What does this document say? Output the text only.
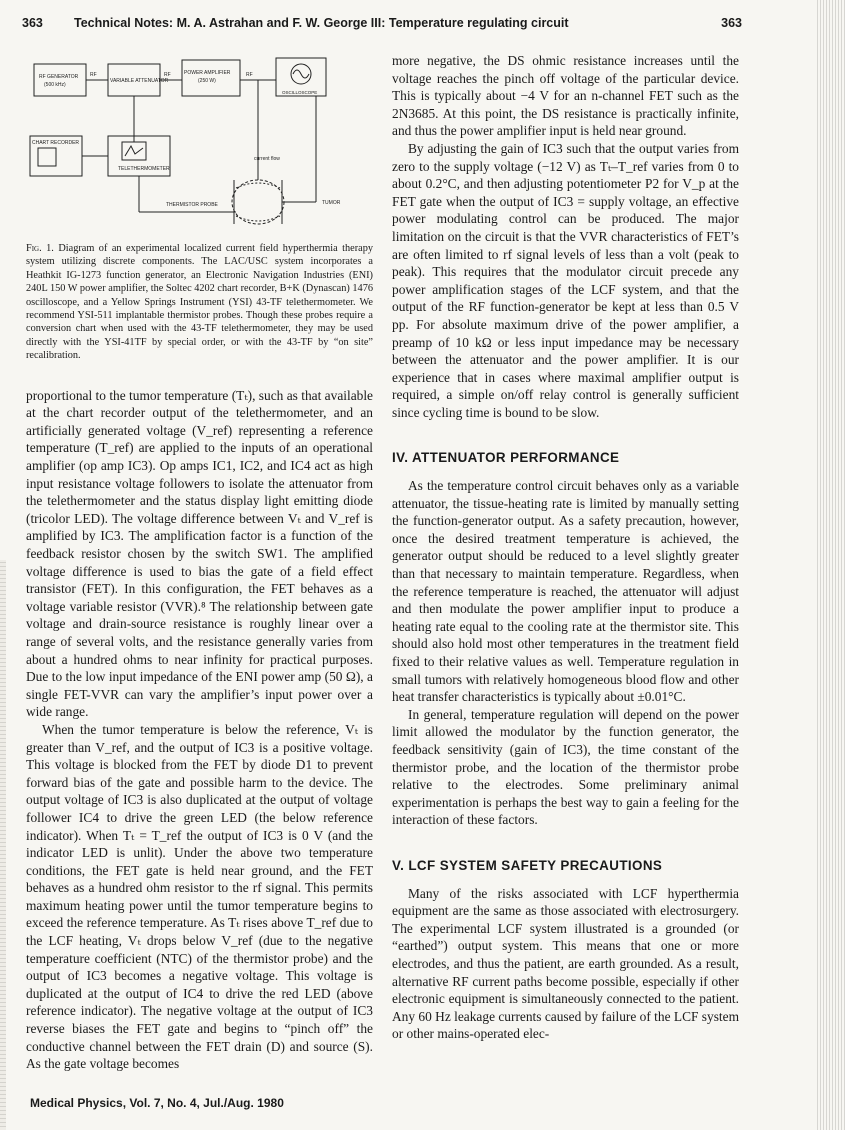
363 Technical Notes: M. A. Astrahan and F. W. George III: Temperature regulating circuit	363
RF GENERATOR
(500 kHz)
VARIABLE ATTENUATOR
POWER AMPLIFIER
(250 W)
OSCILLOSCOPE
CHART RECORDER
TELETHERMOMETER
current flow
THERMISTOR PROBE	TUMOR
RF	RF	RF
Fig. 1. Diagram of an experimental localized current field hyperthermia therapy system utilizing discrete components. The LAC/USC system incorporates a Heathkit IG-1273 function generator, an Electronic Navigation Industries (ENI) 240L 150 W power amplifier, the Soltec 4202 chart recorder, B+K (Dynascan) 1476 oscilloscope, and a Yellow Springs Instrument (YSI) 43-TF telethermometer. We recommend YSI-511 implantable thermistor probes. Though these probes require a conversion chart when used with the 43-TF telethermometer, they may be used directly with the YSI-41TF by special order, or with the 43-TF by “on site” recalibration.

proportional to the tumor temperature (Tₜ), such as that available at the chart recorder output of the telethermometer, and an artificially generated voltage (V_ref) representing a reference temperature (T_ref) are applied to the inputs of an operational amplifier (op amp IC3). Op amps IC1, IC2, and IC4 act as high input resistance voltage followers to isolate the attenuator from the telethermometer and the status display light emitting diode (tricolor LED). The voltage difference between Vₜ and V_ref is amplified by IC3. The amplification factor is a function of the feedback resistor chosen by the switch SW1. The amplified voltage difference is used to bias the gate of a field effect transistor (FET). In this configuration, the FET behaves as a voltage variable resistor (VVR).⁸ The relationship between gate voltage and drain-source resistance is roughly linear over a range of several volts, and the resistance generally varies from about a hundred ohms to near infinity for practical purposes. Due to the low input impedance of the ENI power amp (50 Ω), a single FET-VVR can vary the amplifier’s input power over a wide range.

When the tumor temperature is below the reference, Vₜ is greater than V_ref, and the output of IC3 is a positive voltage. This voltage is blocked from the FET by diode D1 to prevent forward bias of the gate and possible harm to the device. The output voltage of IC3 is also duplicated at the output of voltage follower IC4 to drive the green LED (the below reference indicator). When Tₜ = T_ref the output of IC3 is 0 V (and the indicator LED is unlit). Under the above two temperature conditions, the FET gate is held near ground, and the FET behaves as a hundred ohm resistor to the rf signal. This permits maximum heating power until the tumor temperature begins to exceed the reference temperature. As Tₜ rises above T_ref due to the LCF heating, Vₜ drops below V_ref (due to the negative temperature coefficient (NTC) of the thermistor probe) and the output of IC3 becomes a negative voltage. This voltage is duplicated at the output of IC4 to drive the red LED (above reference indicator). The negative voltage at the output of IC3 reverse biases the FET gate and begins to “pinch off” the conductive channel between the FET drain (D) and source (S). As the gate voltage becomes

more negative, the DS ohmic resistance increases until the voltage reaches the pinch off voltage of the particular device. This is typically about −4 V for an n-channel FET such as the 2N3685. At this point, the DS resistance is practically infinite, and thus the power amplifier input is held near ground.

By adjusting the gain of IC3 such that the output varies from zero to the supply voltage (−12 V) as Tₜ–T_ref varies from 0 to about 0.2°C, and then adjusting potentiometer P2 for V_p at the FET gate when the output of IC3 = supply voltage, an effective power modulating control can be produced. The major limitation on the circuit is that the VVR characteristics of FET’s are often limited to rf signal levels of less than a volt (peak to peak). This requires that the modulator circuit precede any power amplification stages of the LCF system, and that the output of the RF function-generator be kept at less than 0.5 V pp. For absolute maximum drive of the power amplifier, a preamp of 10 kΩ or less input impedance may be necessary between the attenuator and the power amplifier. It is our experience that in cases where maximal amplifier output is required, a simple on/off relay control is generally sufficient since cycling time is bound to be slow.

IV. ATTENUATOR PERFORMANCE

As the temperature control circuit behaves only as a variable attenuator, the tissue-heating rate is limited by manually setting the function-generator output. As a safety precaution, however, once the desired treatment temperature is achieved, the generator output should be reduced to a level slightly greater than that necessary to maintain temperature. Regardless, when the reference temperature is reached, the attenuator will adjust and then modulate the power amplifier input to produce a heating rate equal to the cooling rate at the thermistor site. This should also hold most other temperatures in the treatment field fixed to their relative values as well. Temperature regulation in small tumors with relatively homogeneous blood flow and other heat transfer characteristics is typically about ±0.01°C.

In general, temperature regulation will depend on the power limit allowed the modulator by the function generator, the feedback sensitivity (gain of IC3), the time constant of the thermistor probe, and the location of the thermistor probe relative to the electrodes. Some preliminary animal experimentation is perhaps the best way to gain a feeling for the interaction of these factors.

V. LCF SYSTEM SAFETY PRECAUTIONS

Many of the risks associated with LCF hyperthermia equipment are the same as those associated with electrosurgery. The experimental LCF system illustrated is a grounded (or “earthed”) output system. This means that one or more electrodes, and thus the patient, are earth grounded. As a result, alternative RF current paths become possible, especially if other electronic equipment is simultaneously connected to the patient. Any 60 Hz leakage currents caused by failure of the LCF system or other mains-operated elec-

Medical Physics, Vol. 7, No. 4, Jul./Aug. 1980
